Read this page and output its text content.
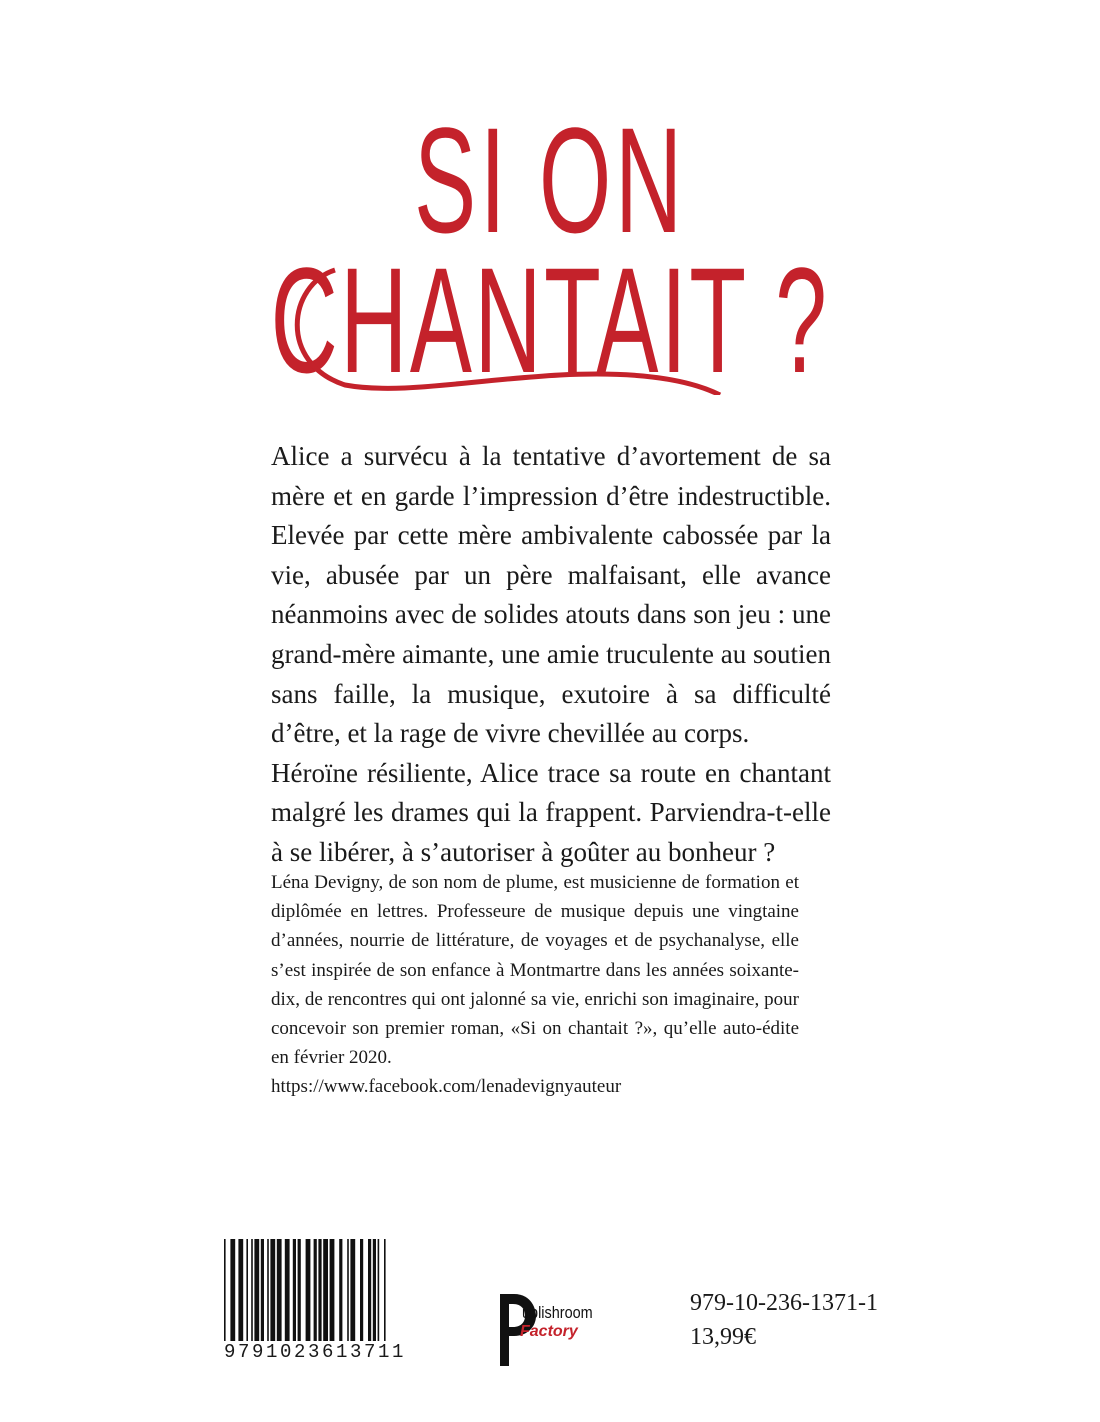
SI ON
CHANTAIT ?

Alice a survécu à la tentative d’avortement de sa mère et en garde l’impression d’être indestructible. Elevée par cette mère ambivalente cabossée par la vie, abusée par un père malfaisant, elle avance néanmoins avec de solides atouts dans son jeu : une grand-mère aimante, une amie truculente au soutien sans faille, la musique, exutoire à sa difficulté d’être, et la rage de vivre chevillée au corps.

Héroïne résiliente, Alice trace sa route en chantant malgré les drames qui la frappent. Parviendra-t-elle à se libérer, à s’autoriser à goûter au bonheur ?

Léna Devigny, de son nom de plume, est musicienne de formation et diplômée en lettres. Professeure de musique depuis une vingtaine d’années, nourrie de littérature, de voyages et de psychanalyse, elle s’est inspirée de son enfance à Montmartre dans les années soixante-dix, de rencontres qui ont jalonné sa vie, enrichi son imaginaire, pour concevoir son premier roman, «Si on chantait ?», qu’elle auto-édite en février 2020.

https://www.facebook.com/lenadevignyauteur

9791023613711
ublishroom
Factory
979-10-236-1371-1
13,99€
